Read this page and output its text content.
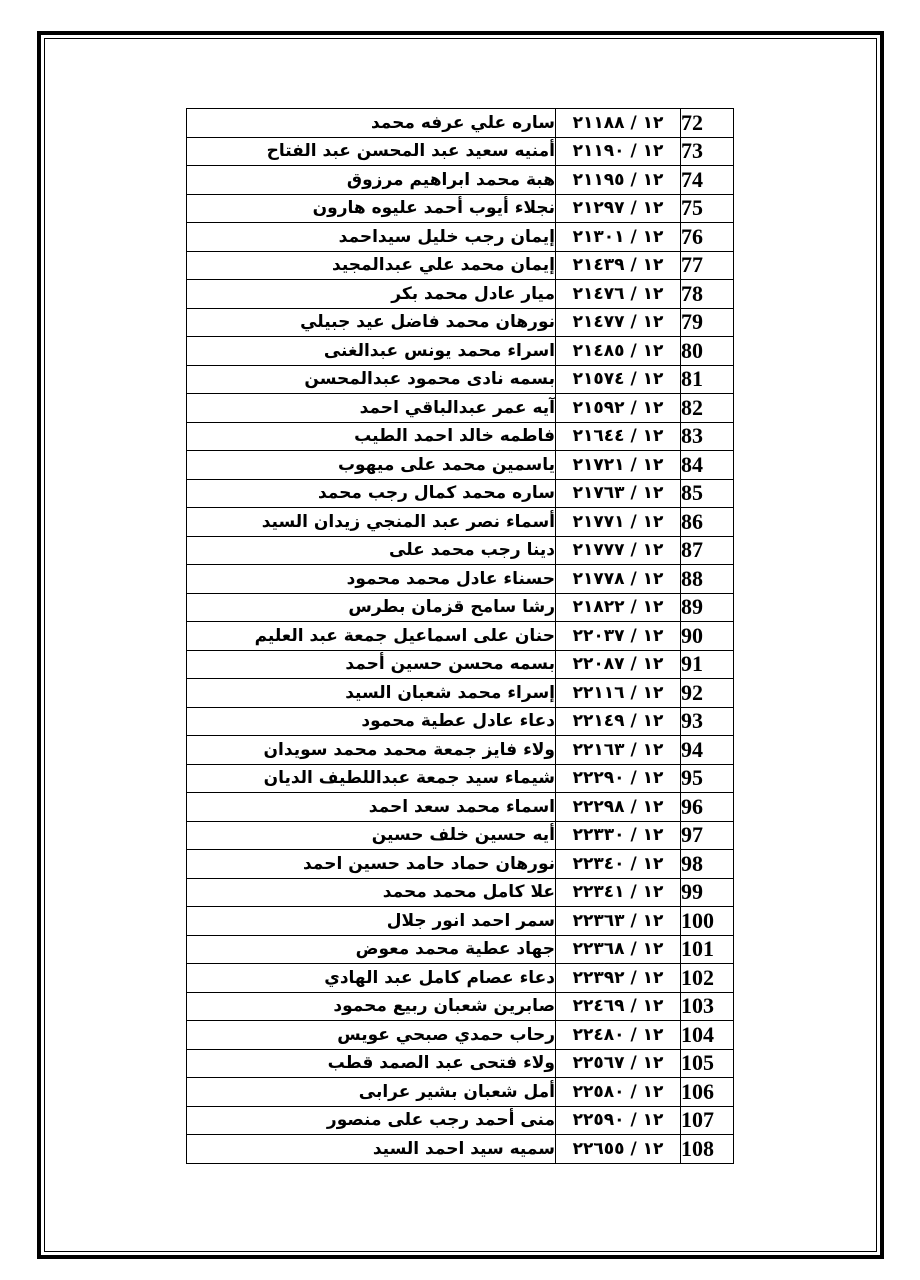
72	١٢ / ٢١١٨٨	ساره علي عرفه محمد
73	١٢ / ٢١١٩٠	أمنيه سعيد عبد المحسن عبد الفتاح
74	١٢ / ٢١١٩٥	هبة محمد ابراهيم مرزوق
75	١٢ / ٢١٢٩٧	نجلاء أيوب أحمد عليوه هارون
76	١٢ / ٢١٣٠١	إيمان رجب خليل سيداحمد
77	١٢ / ٢١٤٣٩	إيمان محمد علي عبدالمجيد
78	١٢ / ٢١٤٧٦	ميار عادل محمد بكر
79	١٢ / ٢١٤٧٧	نورهان محمد فاضل عيد جبيلي
80	١٢ / ٢١٤٨٥	اسراء محمد يونس عبدالغنى
81	١٢ / ٢١٥٧٤	بسمه نادى محمود عبدالمحسن
82	١٢ / ٢١٥٩٢	آيه عمر عبدالباقي احمد
83	١٢ / ٢١٦٤٤	فاطمه خالد احمد الطيب
84	١٢ / ٢١٧٢١	ياسمين محمد على ميهوب
85	١٢ / ٢١٧٦٣	ساره محمد كمال رجب محمد
86	١٢ / ٢١٧٧١	أسماء نصر عبد المنجي زيدان السيد
87	١٢ / ٢١٧٧٧	دينا رجب محمد على
88	١٢ / ٢١٧٧٨	حسناء عادل محمد محمود
89	١٢ / ٢١٨٢٢	رشا سامح قزمان بطرس
90	١٢ / ٢٢٠٣٧	حنان على اسماعيل جمعة عبد العليم
91	١٢ / ٢٢٠٨٧	بسمه محسن حسين أحمد
92	١٢ / ٢٢١١٦	إسراء محمد شعبان السيد
93	١٢ / ٢٢١٤٩	دعاء عادل عطية محمود
94	١٢ / ٢٢١٦٣	ولاء فايز جمعة محمد محمد سويدان
95	١٢ / ٢٢٢٩٠	شيماء سيد جمعة عبداللطيف الديان
96	١٢ / ٢٢٢٩٨	اسماء محمد سعد احمد
97	١٢ / ٢٢٣٣٠	أيه حسين خلف حسين
98	١٢ / ٢٢٣٤٠	نورهان حماد حامد حسين احمد
99	١٢ / ٢٢٣٤١	علا كامل محمد محمد
100	١٢ / ٢٢٣٦٣	سمر احمد انور جلال
101	١٢ / ٢٢٣٦٨	جهاد عطية محمد معوض
102	١٢ / ٢٢٣٩٢	دعاء عصام كامل عبد الهادي
103	١٢ / ٢٢٤٦٩	صابرين شعبان ربيع محمود
104	١٢ / ٢٢٤٨٠	رحاب حمدي صبحي عويس
105	١٢ / ٢٢٥٦٧	ولاء فتحى عبد الصمد قطب
106	١٢ / ٢٢٥٨٠	أمل شعبان بشير عرابى
107	١٢ / ٢٢٥٩٠	منى أحمد رجب على منصور
108	١٢ / ٢٢٦٥٥	سميه سيد احمد السيد
